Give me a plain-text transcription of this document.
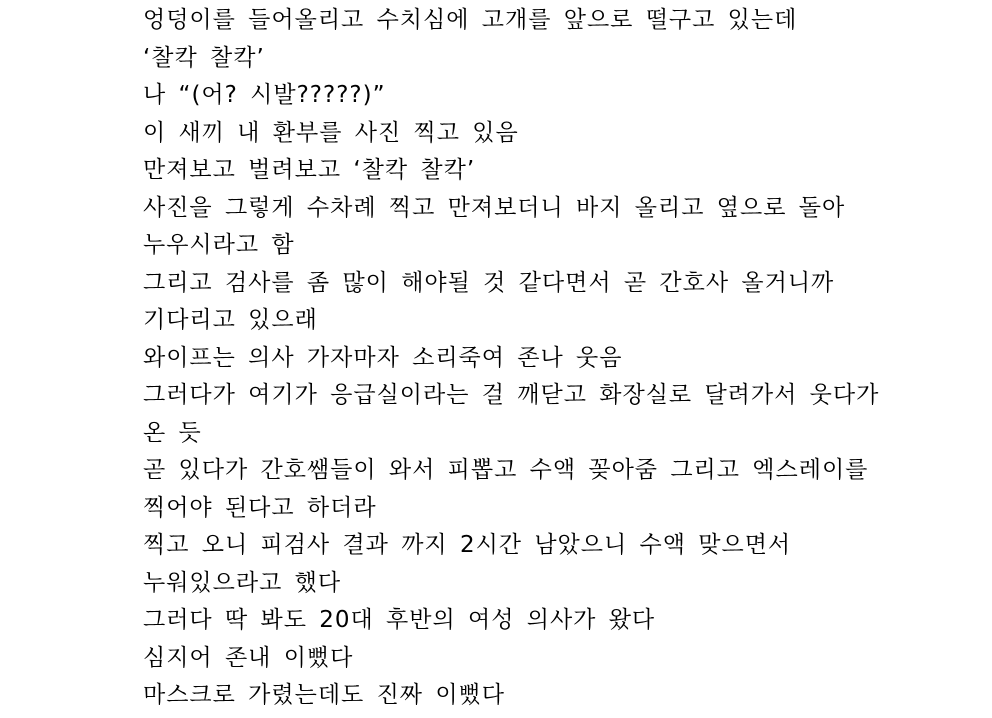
엉덩이를 들어올리고 수치심에 고개를 앞으로 떨구고 있는데
‘찰칵 찰칵’
나 “(어? 시발?????)”
이 새끼 내 환부를 사진 찍고 있음
만져보고 벌려보고 ‘찰칵 찰칵’
사진을 그렇게 수차례 찍고 만져보더니 바지 올리고 옆으로 돌아
누우시라고 함
그리고 검사를 좀 많이 해야될 것 같다면서 곧 간호사 올거니까
기다리고 있으래
와이프는 의사 가자마자 소리죽여 존나 웃음
그러다가 여기가 응급실이라는 걸 깨닫고 화장실로 달려가서 웃다가
온 듯
곧 있다가 간호쌤들이 와서 피뽑고 수액 꽂아줌 그리고 엑스레이를
찍어야 된다고 하더라
찍고 오니 피검사 결과 까지 2시간 남았으니 수액 맞으면서
누워있으라고 했다
그러다 딱 봐도 20대 후반의 여성 의사가 왔다
심지어 존내 이뻤다
마스크로 가렸는데도 진짜 이뻤다
